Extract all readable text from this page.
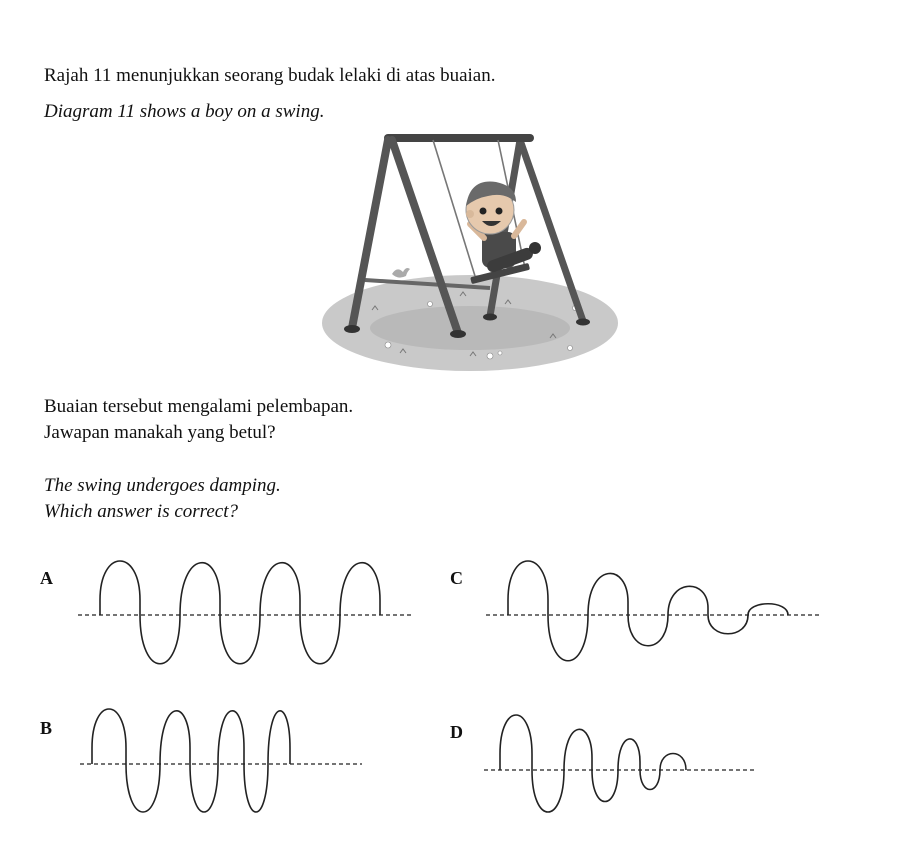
Rajah 11 menunjukkan seorang budak lelaki di atas buaian.
Diagram 11 shows a boy on a swing.
Buaian tersebut mengalami pelembapan.
Jawapan manakah yang betul?
The swing undergoes damping.
Which answer is correct?
A
B
C
D
